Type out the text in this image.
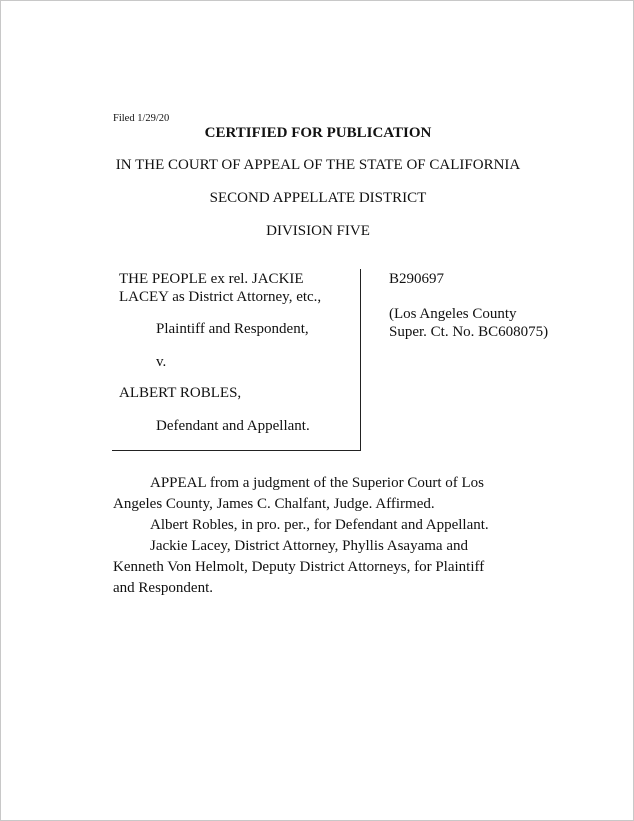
Filed 1/29/20
CERTIFIED FOR PUBLICATION
IN THE COURT OF APPEAL OF THE STATE OF CALIFORNIA
SECOND APPELLATE DISTRICT
DIVISION FIVE
THE PEOPLE ex rel. JACKIE
LACEY as District Attorney, etc.,
Plaintiff and Respondent,
v.
ALBERT ROBLES,
Defendant and Appellant.
B290697
(Los Angeles County
Super. Ct. No. BC608075)
APPEAL from a judgment of the Superior Court of Los
Angeles County, James C. Chalfant, Judge. Affirmed.
Albert Robles, in pro. per., for Defendant and Appellant.
Jackie Lacey, District Attorney, Phyllis Asayama and
Kenneth Von Helmolt, Deputy District Attorneys, for Plaintiff
and Respondent.
